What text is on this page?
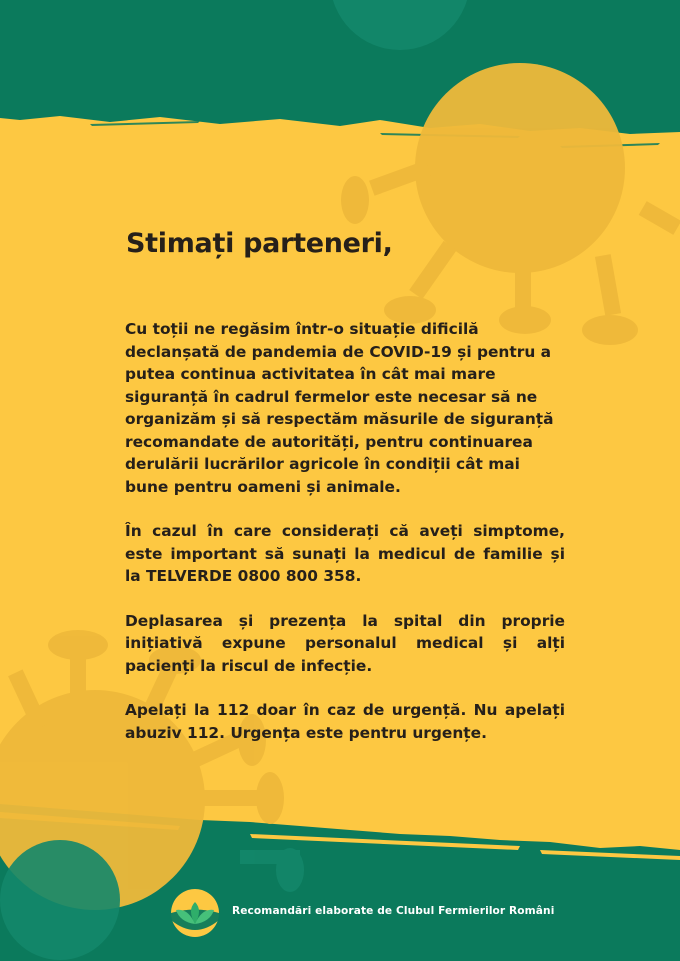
Stimați parteneri,

Cu toții ne regăsim într-o situație dificilă declanșată de pandemia de COVID-19 și pentru a putea continua activitatea în cât mai mare siguranță în cadrul fermelor este necesar să ne organizăm și să respectăm măsurile de siguranță recomandate de autorități, pentru continuarea derulării lucrărilor agricole în condiții cât mai bune pentru oameni și animale.

În cazul în care considerați că aveți simptome, este important să sunați la medicul de familie și la TELVERDE 0800 800 358.

Deplasarea și prezența la spital din proprie inițiativă expune personalul medical și alți pacienți la riscul de infecție.

Apelați la 112 doar în caz de urgență. Nu apelați abuziv 112. Urgența este pentru urgențe.

Recomandări elaborate de Clubul Fermierilor Români
